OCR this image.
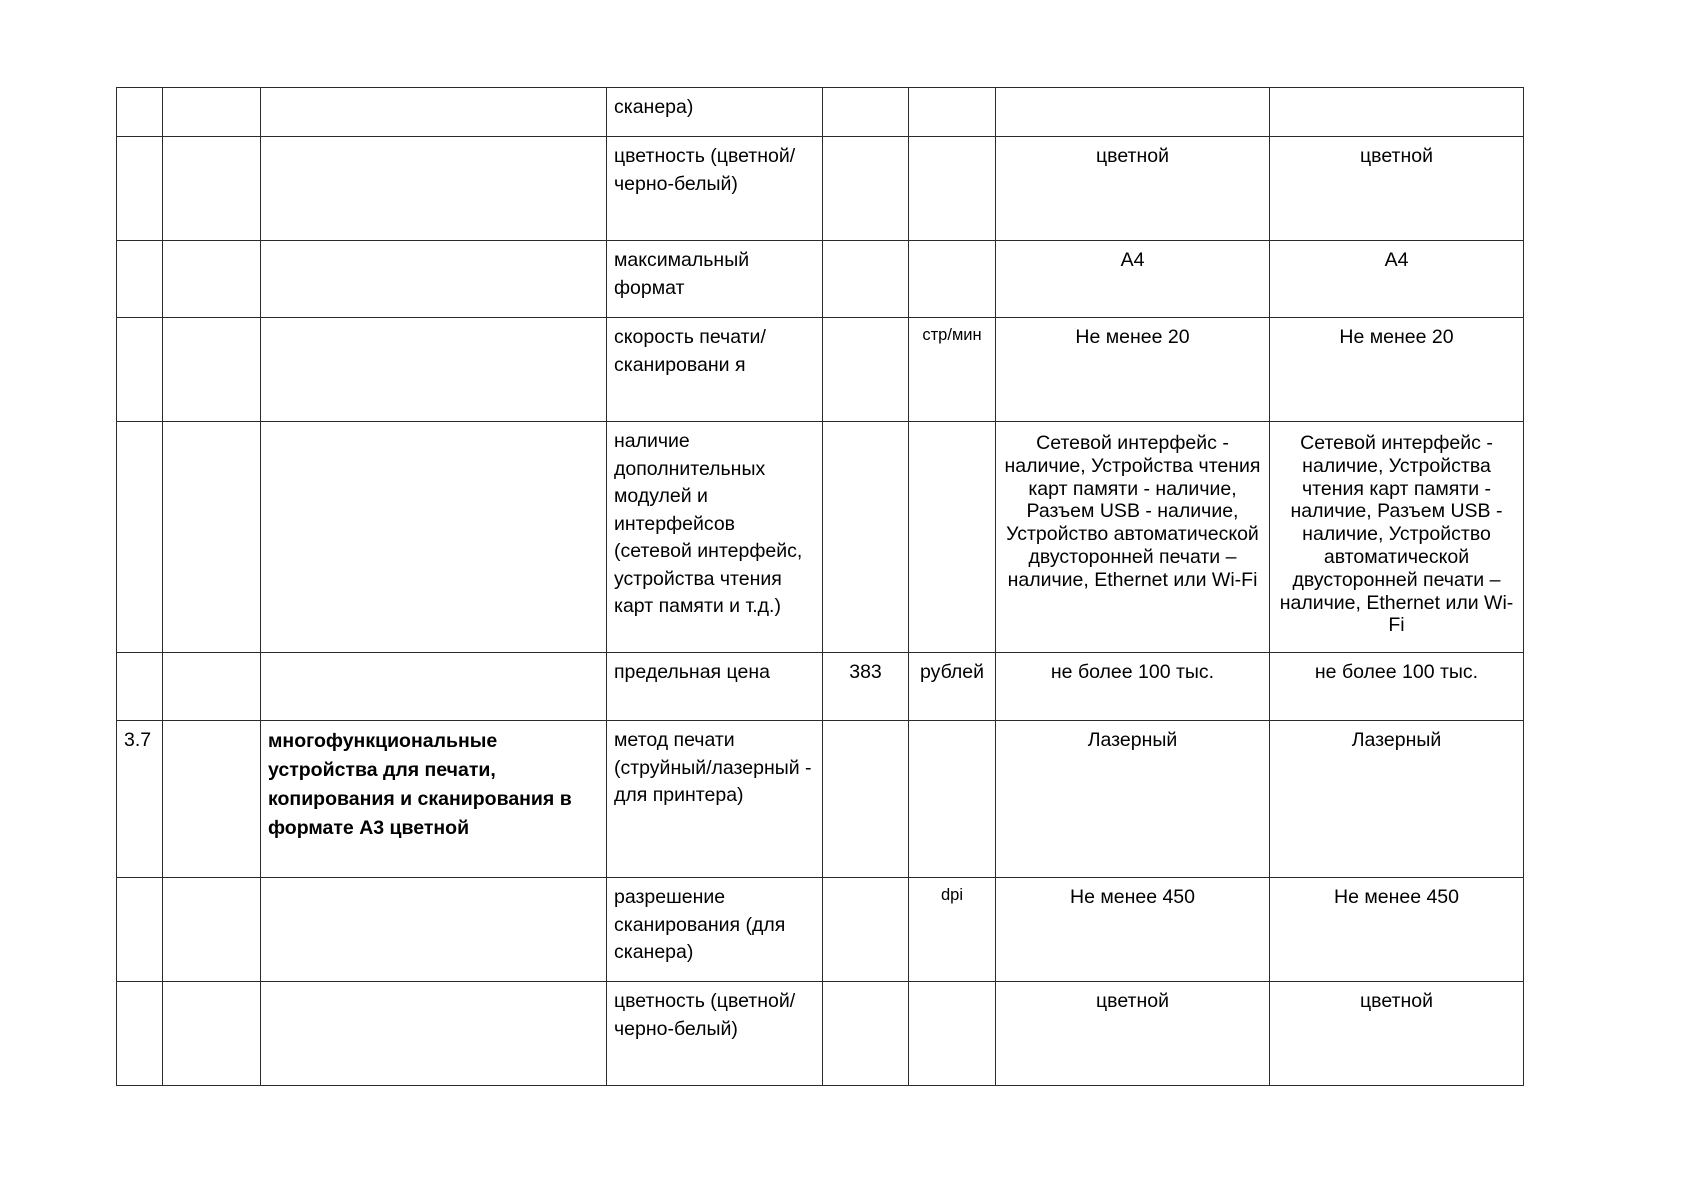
			сканера)				
			цветность (цветной/черно-белый)			цветной	цветной
			максимальный формат			А4	А4
			скорость печати/сканировани я		стр/мин	Не менее 20	Не менее 20
			наличие дополнительных модулей и интерфейсов (сетевой интерфейс, устройства чтения карт памяти и т.д.)			Сетевой интерфейс - наличие, Устройства чтения карт памяти - наличие, Разъем USB - наличие, Устройство автоматической двусторонней печати – наличие, Ethernet или Wi-Fi	Сетевой интерфейс - наличие, Устройства чтения карт памяти - наличие, Разъем USB - наличие, Устройство автоматической двусторонней печати – наличие, Ethernet или Wi-Fi
			предельная цена	383	рублей	не более 100 тыс.	не более 100 тыс.
3.7		многофункциональные устройства для печати, копирования и сканирования в формате А3 цветной	метод печати (струйный/лазерный - для принтера)			Лазерный	Лазерный
			разрешение сканирования (для сканера)		dpi	Не менее 450	Не менее 450
			цветность (цветной/черно-белый)			цветной	цветной
